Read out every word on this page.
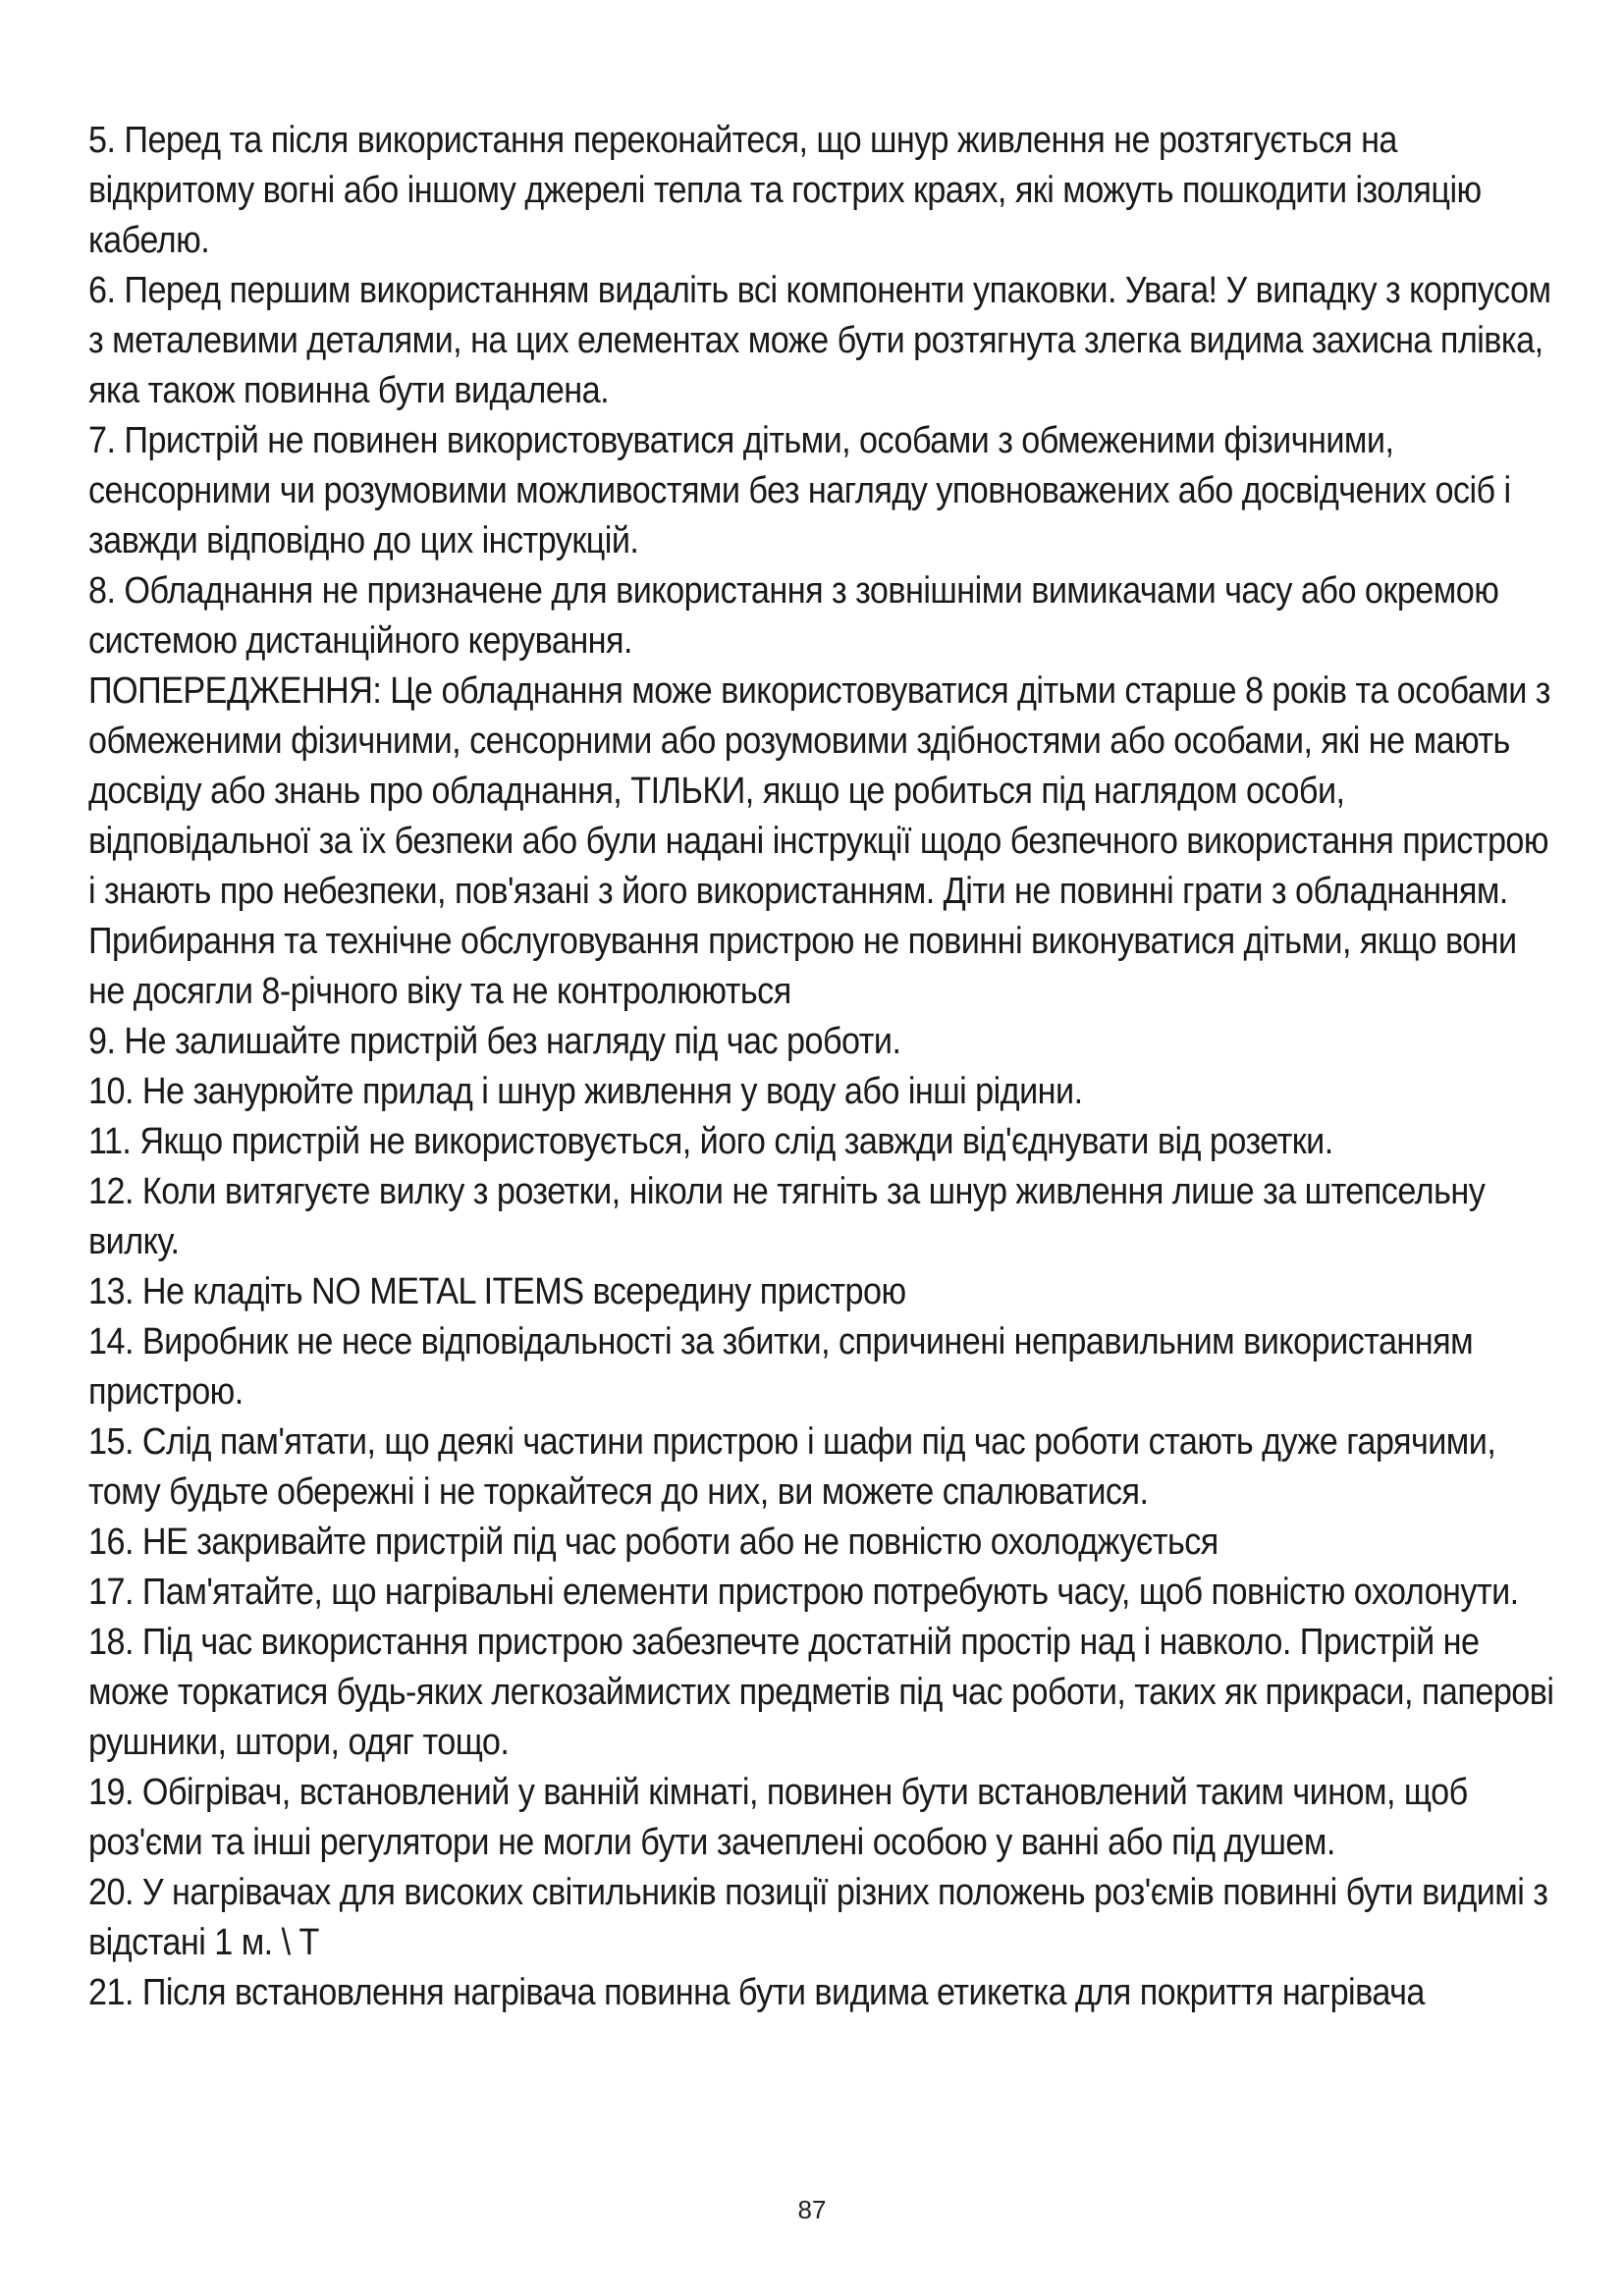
5. Перед та після використання переконайтеся, що шнур живлення не розтягується на відкритому вогні або іншому джерелі тепла та гострих краях, які можуть пошкодити ізоляцію кабелю.

6. Перед першим використанням видаліть всі компоненти упаковки. Увага! У випадку з корпусом з металевими деталями, на цих елементах може бути розтягнута злегка видима захисна плівка, яка також повинна бути видалена.

7. Пристрій не повинен використовуватися дітьми, особами з обмеженими фізичними, сенсорними чи розумовими можливостями без нагляду уповноважених або досвідчених осіб і завжди відповідно до цих інструкцій.

8. Обладнання не призначене для використання з зовнішніми вимикачами часу або окремою системою дистанційного керування.

ПОПЕРЕДЖЕННЯ: Це обладнання може використовуватися дітьми старше 8 років та особами з обмеженими фізичними, сенсорними або розумовими здібностями або особами, які не мають досвіду або знань про обладнання, ТІЛЬКИ, якщо це робиться під наглядом особи, відповідальної за їх безпеки або були надані інструкції щодо безпечного використання пристрою і знають про небезпеки, пов'язані з його використанням. Діти не повинні грати з обладнанням. Прибирання та технічне обслуговування пристрою не повинні виконуватися дітьми, якщо вони не досягли 8-річного віку та не контролюються

9. Не залишайте пристрій без нагляду під час роботи.

10. Не занурюйте прилад і шнур живлення у воду або інші рідини.

11. Якщо пристрій не використовується, його слід завжди від'єднувати від розетки.

12. Коли витягуєте вилку з розетки, ніколи не тягніть за шнур живлення лише за штепсельну вилку.

13. Не кладіть NO METAL ITEMS всередину пристрою

14. Виробник не несе відповідальності за збитки, спричинені неправильним використанням пристрою.

15. Слід пам'ятати, що деякі частини пристрою і шафи під час роботи стають дуже гарячими, тому будьте обережні і не торкайтеся до них, ви можете спалюватися.

16. НЕ закривайте пристрій під час роботи або не повністю охолоджується

17. Пам'ятайте, що нагрівальні елементи пристрою потребують часу, щоб повністю охолонути.

18. Під час використання пристрою забезпечте достатній простір над і навколо. Пристрій не може торкатися будь-яких легкозаймистих предметів під час роботи, таких як прикраси, паперові рушники, штори, одяг тощо.

19. Обігрівач, встановлений у ванній кімнаті, повинен бути встановлений таким чином, щоб роз'єми та інші регулятори не могли бути зачеплені особою у ванні або під душем.

20. У нагрівачах для високих світильників позиції різних положень роз'ємів повинні бути видимі з відстані 1 м. \ Т

21. Після встановлення нагрівача повинна бути видима етикетка для покриття нагрівача

87
